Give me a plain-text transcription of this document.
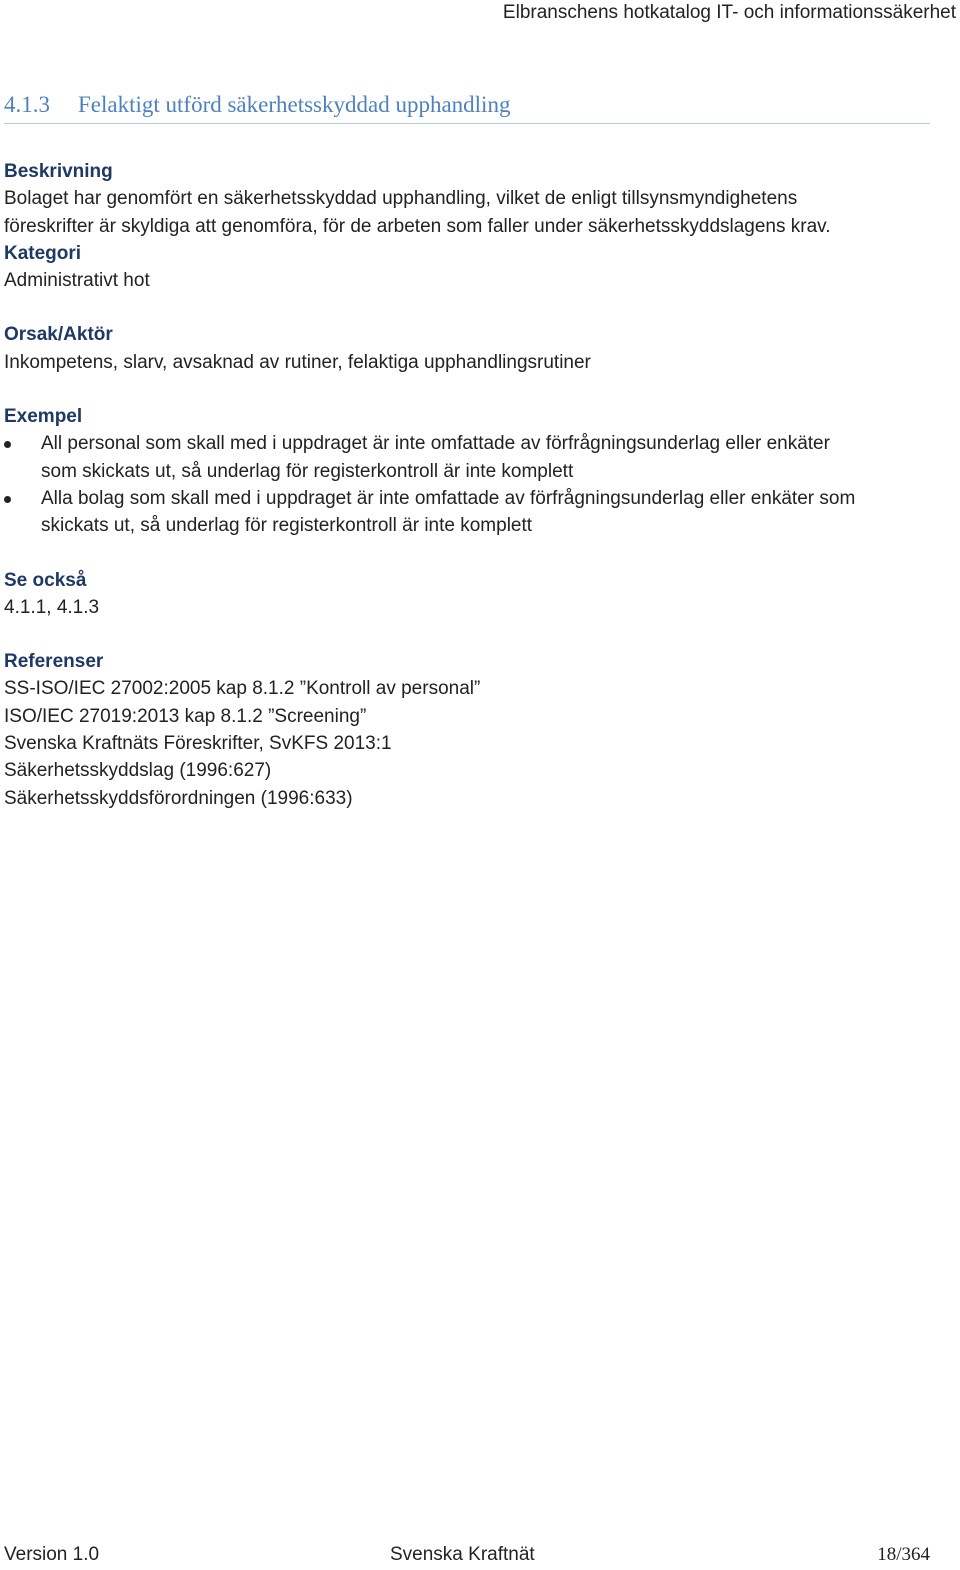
Elbranschens hotkatalog IT- och informationssäkerhet
4.1.3 Felaktigt utförd säkerhetsskyddad upphandling
Beskrivning
Bolaget har genomfört en säkerhetsskyddad upphandling, vilket de enligt tillsynsmyndighetens
föreskrifter är skyldiga att genomföra, för de arbeten som faller under säkerhetsskyddslagens krav.
Kategori
Administrativt hot
Orsak/Aktör
Inkompetens, slarv, avsaknad av rutiner, felaktiga upphandlingsrutiner
Exempel
All personal som skall med i uppdraget är inte omfattade av förfrågningsunderlag eller enkäter
som skickats ut, så underlag för registerkontroll är inte komplett
Alla bolag som skall med i uppdraget är inte omfattade av förfrågningsunderlag eller enkäter som
skickats ut, så underlag för registerkontroll är inte komplett
Se också
4.1.1, 4.1.3
Referenser
SS-ISO/IEC 27002:2005 kap 8.1.2 ”Kontroll av personal”
ISO/IEC 27019:2013 kap 8.1.2 ”Screening”
Svenska Kraftnäts Föreskrifter, SvKFS 2013:1
Säkerhetsskyddslag (1996:627)
Säkerhetsskyddsförordningen (1996:633)
Version 1.0	Svenska Kraftnät	18/364
